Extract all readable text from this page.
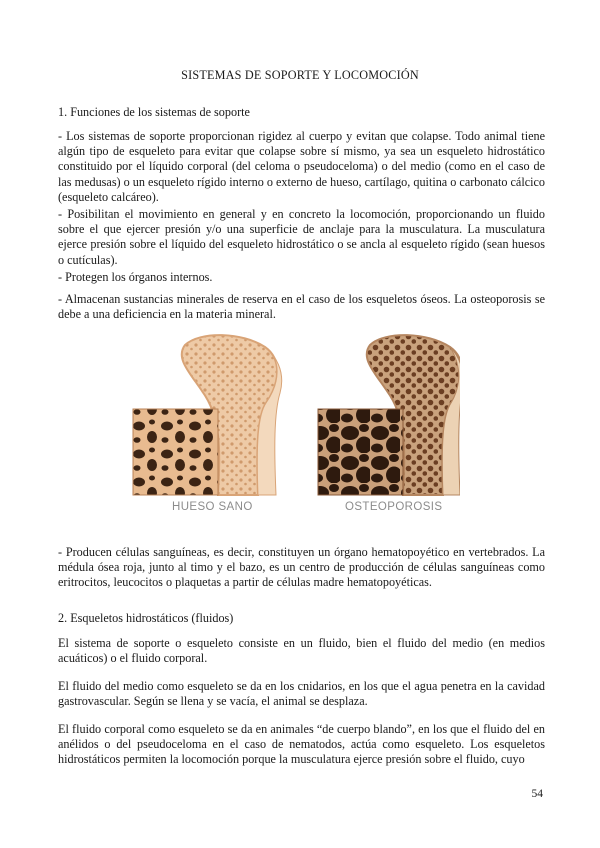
SISTEMAS DE SOPORTE Y LOCOMOCIÓN
1. Funciones de los sistemas de soporte

- Los sistemas de soporte proporcionan rigidez al cuerpo y evitan que colapse. Todo animal tiene algún tipo de esqueleto para evitar que colapse sobre sí mismo, ya sea un esqueleto hidrostático constituido por el líquido corporal (del celoma o pseudoceloma) o del medio (como en el caso de las medusas) o un esqueleto rígido interno o externo de hueso, cartílago, quitina o carbonato cálcico (esqueleto calcáreo).

- Posibilitan el movimiento en general y en concreto la locomoción, proporcionando un fluido sobre el que ejercer presión y/o una superficie de anclaje para la musculatura. La musculatura ejerce presión sobre el líquido del esqueleto hidrostático o se ancla al esqueleto rígido (sean huesos o cutículas).

- Protegen los órganos internos.

- Almacenan sustancias minerales de reserva en el caso de los esqueletos óseos. La osteoporosis se debe a una deficiencia en la materia mineral.

HUESO SANO	OSTEOPOROSIS

- Producen células sanguíneas, es decir, constituyen un órgano hematopoyético en vertebrados. La médula ósea roja, junto al timo y el bazo, es un centro de producción de células sanguíneas como eritrocitos, leucocitos o plaquetas a partir de células madre hematopoyéticas.

2. Esqueletos hidrostáticos (fluidos)

El sistema de soporte o esqueleto consiste en un fluido, bien el fluido del medio (en medios acuáticos) o el fluido corporal.

El fluido del medio como esqueleto se da en los cnidarios, en los que el agua penetra en la cavidad gastrovascular. Según se llena y se vacía, el animal se desplaza.

El fluido corporal como esqueleto se da en animales “de cuerpo blando”, en los que el fluido del en anélidos o del pseudoceloma en el caso de nematodos, actúa como esqueleto. Los esqueletos hidrostáticos permiten la locomoción porque la musculatura ejerce presión sobre el fluido, cuyo

54
